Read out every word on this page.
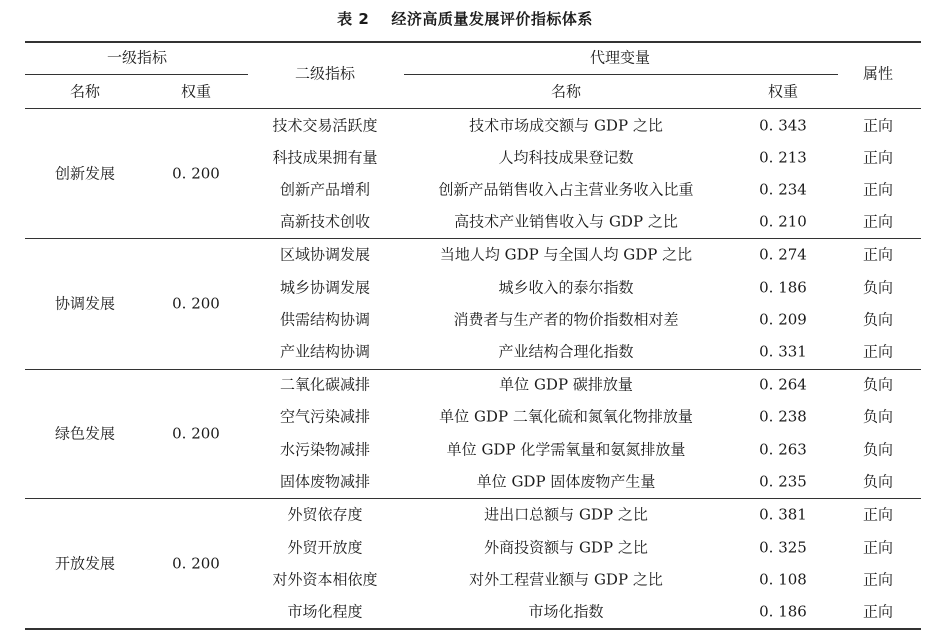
表 2 经济高质量发展评价指标体系
一级指标
名称	权重
二级指标
代理变量
名称	权重
属性
创新发展	0. 200
技术交易活跃度	技术市场成交额与 GDP 之比	0. 343	正向
科技成果拥有量	人均科技成果登记数	0. 213	正向
创新产品增利	创新产品销售收入占主营业务收入比重	0. 234	正向
高新技术创收	高技术产业销售收入与 GDP 之比	0. 210	正向
协调发展	0. 200
区域协调发展	当地人均 GDP 与全国人均 GDP 之比	0. 274	正向
城乡协调发展	城乡收入的泰尔指数	0. 186	负向
供需结构协调	消费者与生产者的物价指数相对差	0. 209	负向
产业结构协调	产业结构合理化指数	0. 331	正向
绿色发展	0. 200
二氧化碳减排	单位 GDP 碳排放量	0. 264	负向
空气污染减排	单位 GDP 二氧化硫和氮氧化物排放量	0. 238	负向
水污染物减排	单位 GDP 化学需氧量和氨氮排放量	0. 263	负向
固体废物减排	单位 GDP 固体废物产生量	0. 235	负向
开放发展	0. 200
外贸依存度	进出口总额与 GDP 之比	0. 381	正向
外贸开放度	外商投资额与 GDP 之比	0. 325	正向
对外资本相依度	对外工程营业额与 GDP 之比	0. 108	正向
市场化程度	市场化指数	0. 186	正向
